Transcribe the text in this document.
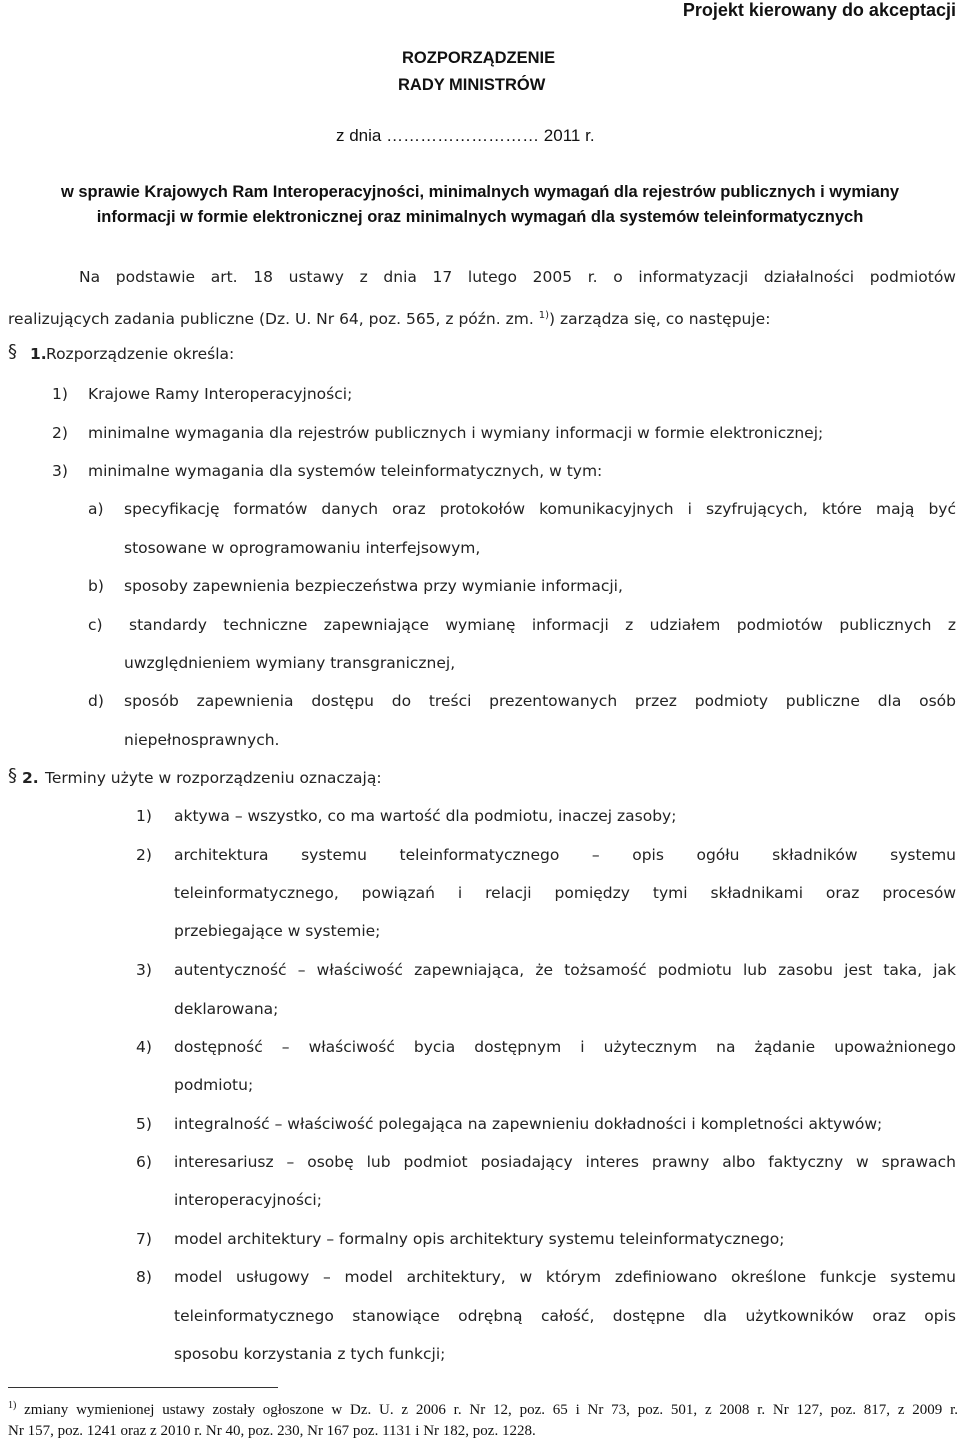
Projekt kierowany do akceptacji
ROZPORZĄDZENIE
RADY MINISTRÓW
z dnia ……………………… 2011 r.
w sprawie Krajowych Ram Interoperacyjności, minimalnych wymagań dla rejestrów publicznych i wymiany
informacji w formie elektronicznej oraz minimalnych wymagań dla systemów teleinformatycznych
Na podstawie art. 18 ustawy z dnia 17 lutego 2005 r. o informatyzacji działalności podmiotów
realizujących zadania publiczne (Dz. U. Nr 64, poz. 565, z późn. zm. $^{1)}$) zarządza się, co następuje:
§ 1. Rozporządzenie określa:
1) Krajowe Ramy Interoperacyjności;
2) minimalne wymagania dla rejestrów publicznych i wymiany informacji w formie elektronicznej;
3) minimalne wymagania dla systemów teleinformatycznych, w tym:
a) specyfikację formatów danych oraz protokołów komunikacyjnych i szyfrujących, które mają być
stosowane w oprogramowaniu interfejsowym,
b) sposoby zapewnienia bezpieczeństwa przy wymianie informacji,
c) standardy techniczne zapewniające wymianę informacji z udziałem podmiotów publicznych z
uwzględnieniem wymiany transgranicznej,
d) sposób zapewnienia dostępu do treści prezentowanych przez podmioty publiczne dla osób
niepełnosprawnych.
§ 2. Terminy użyte w rozporządzeniu oznaczają:
1) aktywa – wszystko, co ma wartość dla podmiotu, inaczej zasoby;
2) architektura systemu teleinformatycznego – opis ogółu składników systemu
teleinformatycznego, powiązań i relacji pomiędzy tymi składnikami oraz procesów
przebiegające w systemie;
3) autentyczność – właściwość zapewniająca, że tożsamość podmiotu lub zasobu jest taka, jak
deklarowana;
4) dostępność – właściwość bycia dostępnym i użytecznym na żądanie upoważnionego
podmiotu;
5) integralność – właściwość polegająca na zapewnieniu dokładności i kompletności aktywów;
6) interesariusz – osobę lub podmiot posiadający interes prawny albo faktyczny w sprawach
interoperacyjności;
7) model architektury – formalny opis architektury systemu teleinformatycznego;
8) model usługowy – model architektury, w którym zdefiniowano określone funkcje systemu
teleinformatycznego stanowiące odrębną całość, dostępne dla użytkowników oraz opis
sposobu korzystania z tych funkcji;
$^{1)}$ zmiany wymienionej ustawy zostały ogłoszone w Dz. U. z 2006 r. Nr 12, poz. 65 i Nr 73, poz. 501, z 2008 r. Nr 127, poz. 817, z 2009 r.
Nr 157, poz. 1241 oraz z 2010 r. Nr 40, poz. 230, Nr 167 poz. 1131 i Nr 182, poz. 1228.
